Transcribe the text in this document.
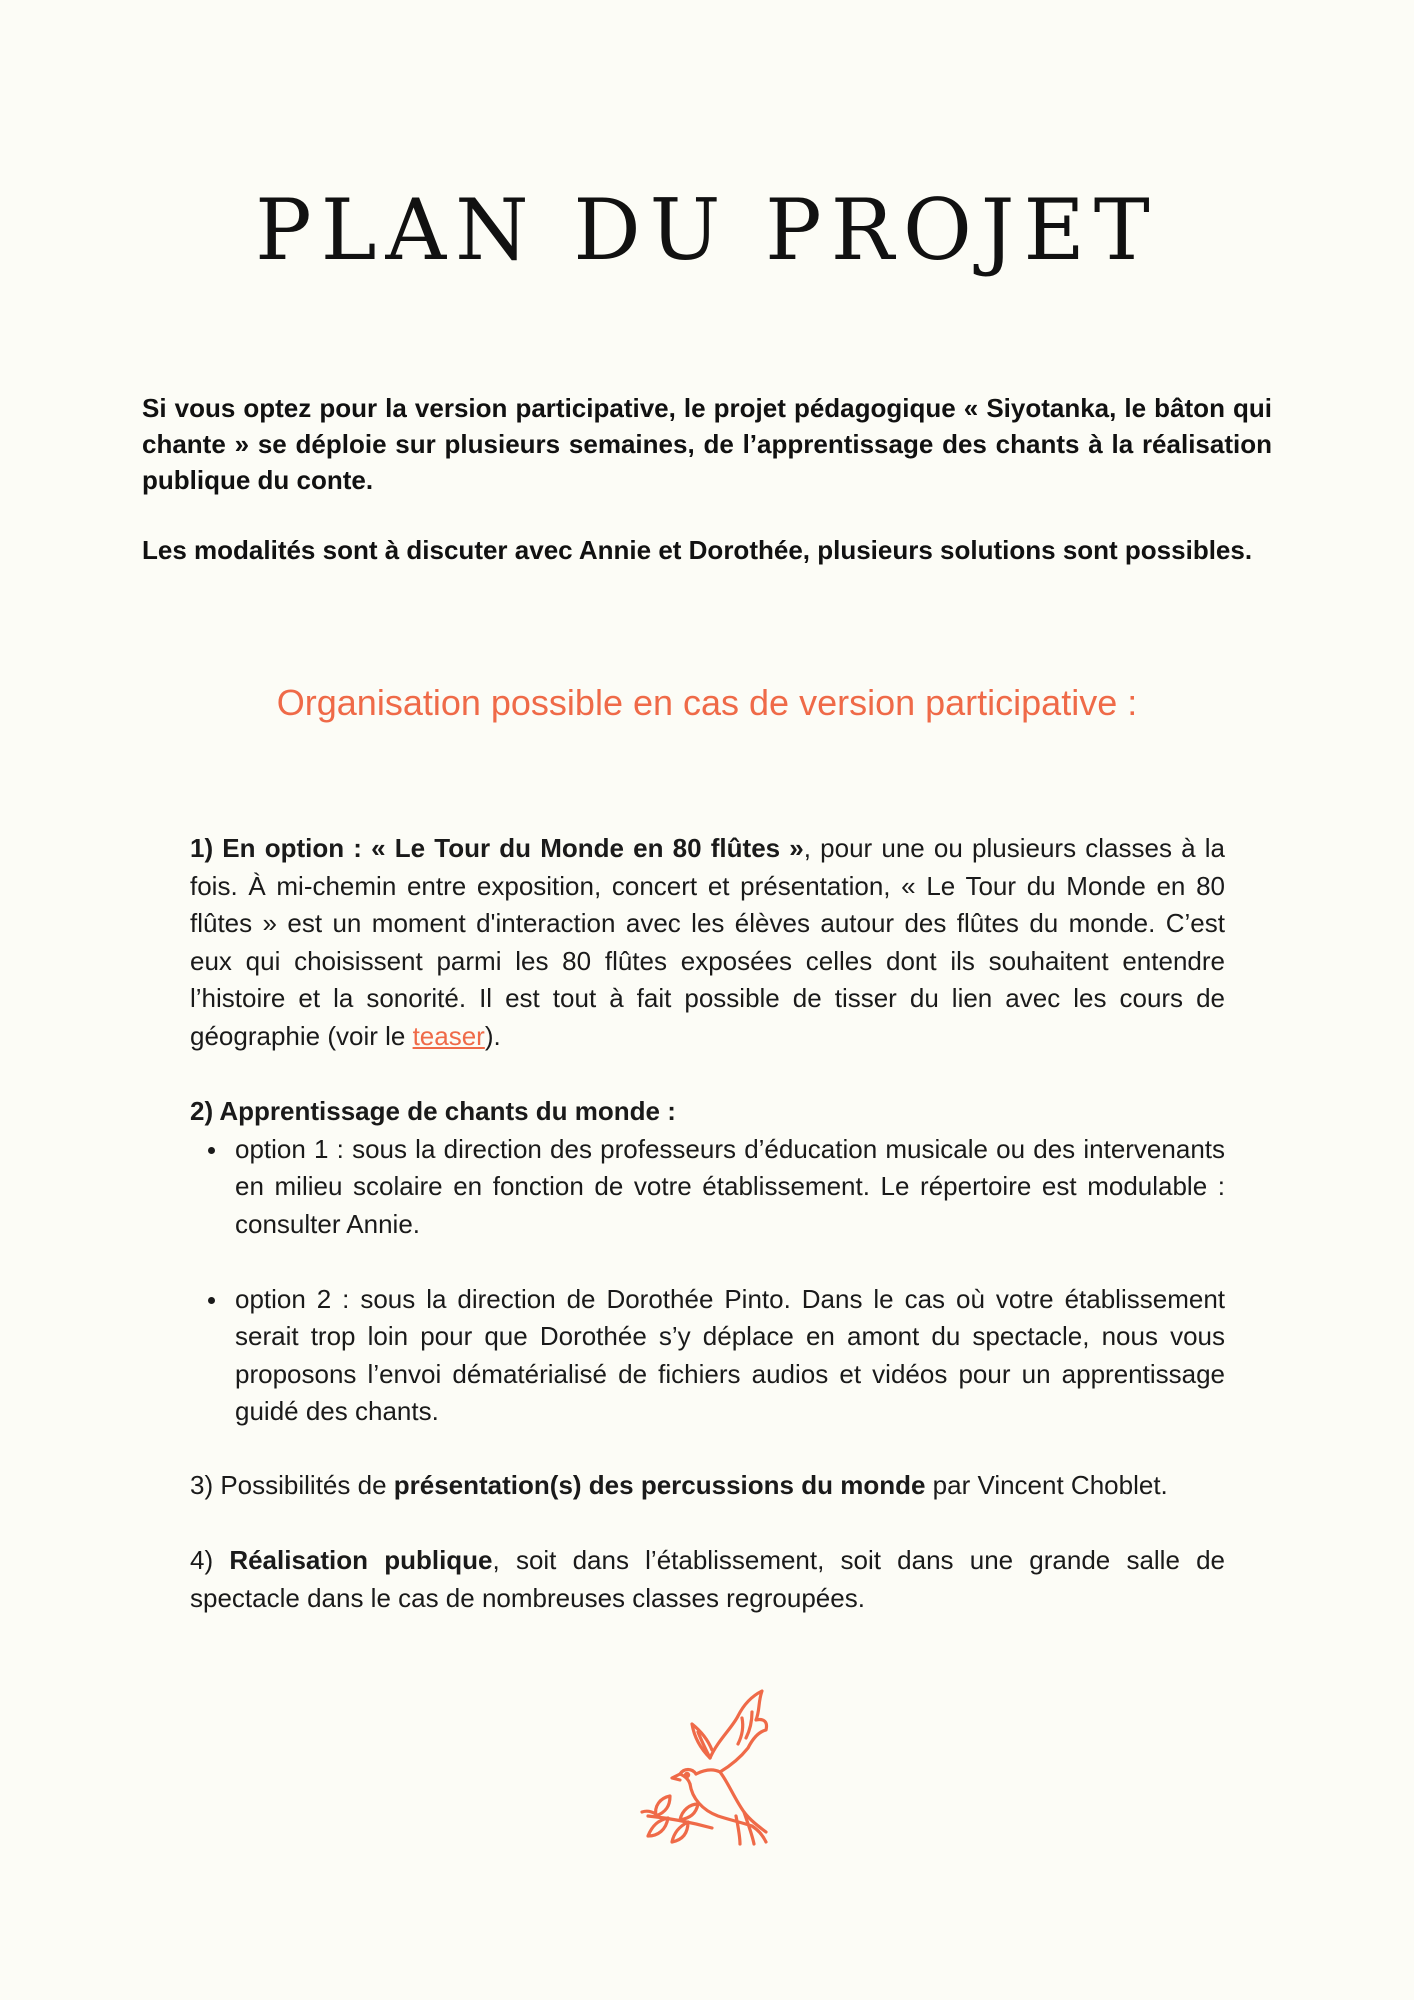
PLAN DU PROJET

Si vous optez pour la version participative, le projet pédagogique « Siyotanka, le bâton qui chante » se déploie sur plusieurs semaines, de l’apprentissage des chants à la réalisation publique du conte.

Les modalités sont à discuter avec Annie et Dorothée, plusieurs solutions sont possibles.

Organisation possible en cas de version participative :

1) En option : « Le Tour du Monde en 80 flûtes », pour une ou plusieurs classes à la fois. À mi-chemin entre exposition, concert et présentation, « Le Tour du Monde en 80 flûtes » est un moment d'interaction avec les élèves autour des flûtes du monde. C’est eux qui choisissent parmi les 80 flûtes exposées celles dont ils souhaitent entendre l’histoire et la sonorité. Il est tout à fait possible de tisser du lien avec les cours de géographie (voir le teaser).

2) Apprentissage de chants du monde :

option 1 : sous la direction des professeurs d’éducation musicale ou des intervenants en milieu scolaire en fonction de votre établissement. Le répertoire est modulable : consulter Annie.
option 2 : sous la direction de Dorothée Pinto. Dans le cas où votre établissement serait trop loin pour que Dorothée s’y déplace en amont du spectacle, nous vous proposons l’envoi dématérialisé de fichiers audios et vidéos pour un apprentissage guidé des chants.

3) Possibilités de présentation(s) des percussions du monde par Vincent Choblet.

4) Réalisation publique, soit dans l’établissement, soit dans une grande salle de spectacle dans le cas de nombreuses classes regroupées.
